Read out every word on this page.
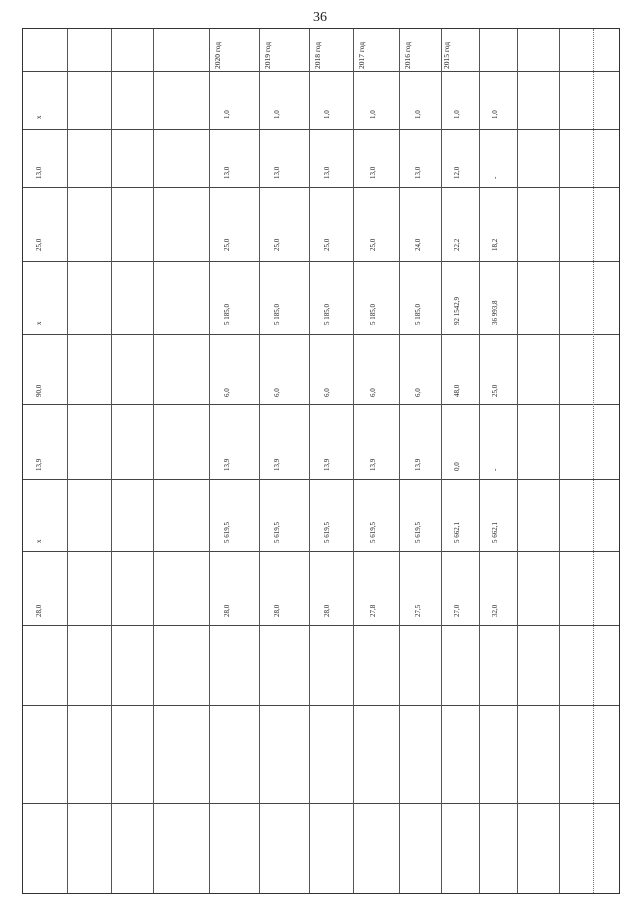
36
2015 год
2016 год
2017 год
2018 год
2019 год
2020 год
1,0
1,0
1,0
1,0
1,0
1,0
1,0
x
-
12,0
13,0
13,0
13,0
13,0
13,0
13,0
18,2
22,2
24,0
25,0
25,0
25,0
25,0
25,0
36 993,8
92 1542,9
5 185,0
5 185,0
5 185,0
5 185,0
5 185,0
x
25,0
48,0
6,0
6,0
6,0
6,0
6,0
90,0
-
0,0
13,9
13,9
13,9
13,9
13,9
13,9
5 662,1
5 662,1
5 619,5
5 619,5
5 619,5
5 619,5
5 619,5
x
32,0
27,0
27,5
27,8
28,0
28,0
28,0
28,0
